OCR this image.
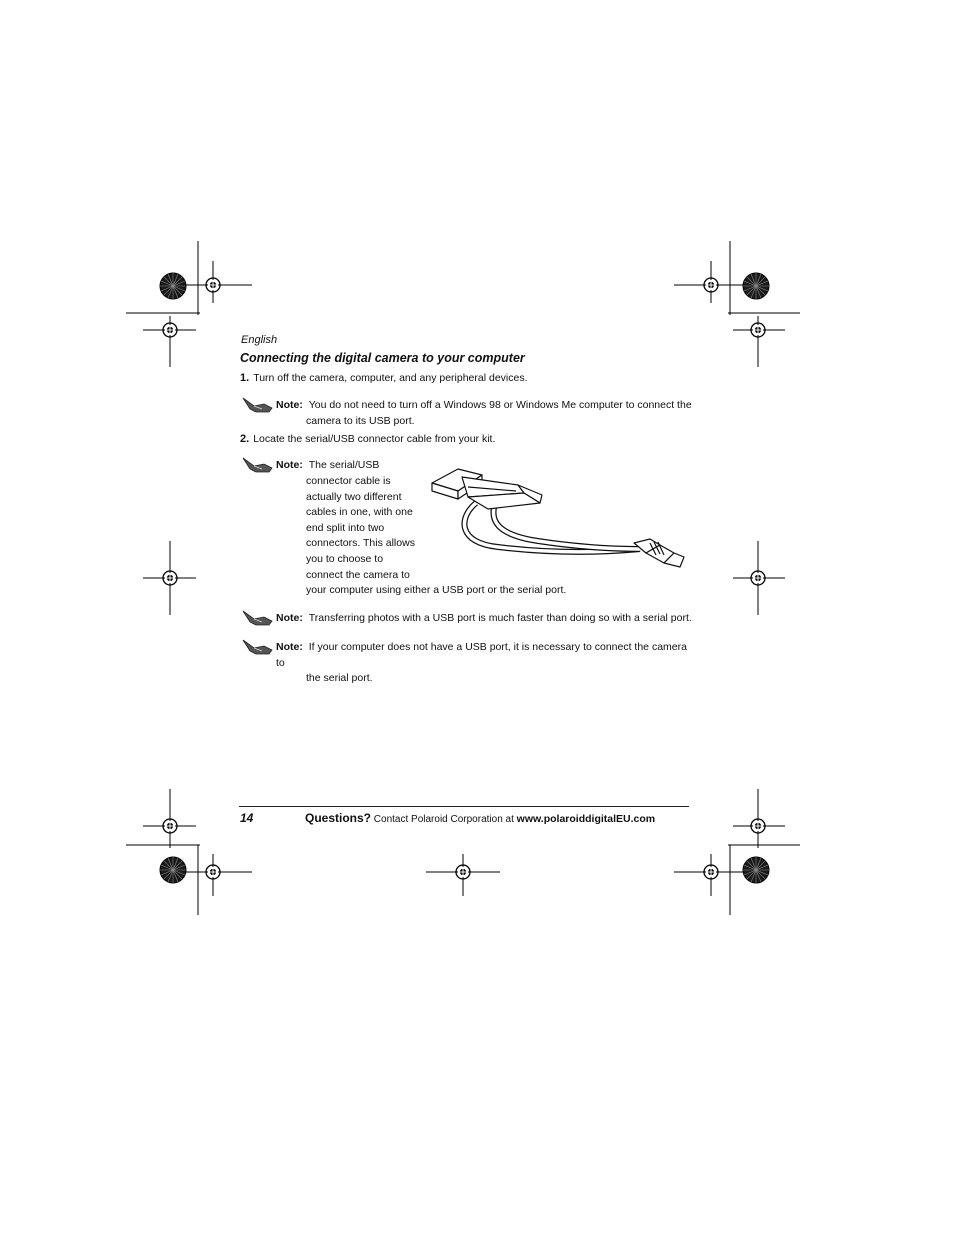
English
Connecting the digital camera to your computer
1. Turn off the camera, computer, and any peripheral devices.
Note: You do not need to turn off a Windows 98 or Windows Me computer to connect the
camera to its USB port.
2. Locate the serial/USB connector cable from your kit.
Note: The serial/USB
connector cable is
actually two different
cables in one, with one
end split into two
connectors. This allows
you to choose to
connect the camera to
your computer using either a USB port or the serial port.
Note: Transferring photos with a USB port is much faster than doing so with a serial port.
Note: If your computer does not have a USB port, it is necessary to connect the camera to
the serial port.
14	Questions? Contact Polaroid Corporation at www.polaroiddigitalEU.com
